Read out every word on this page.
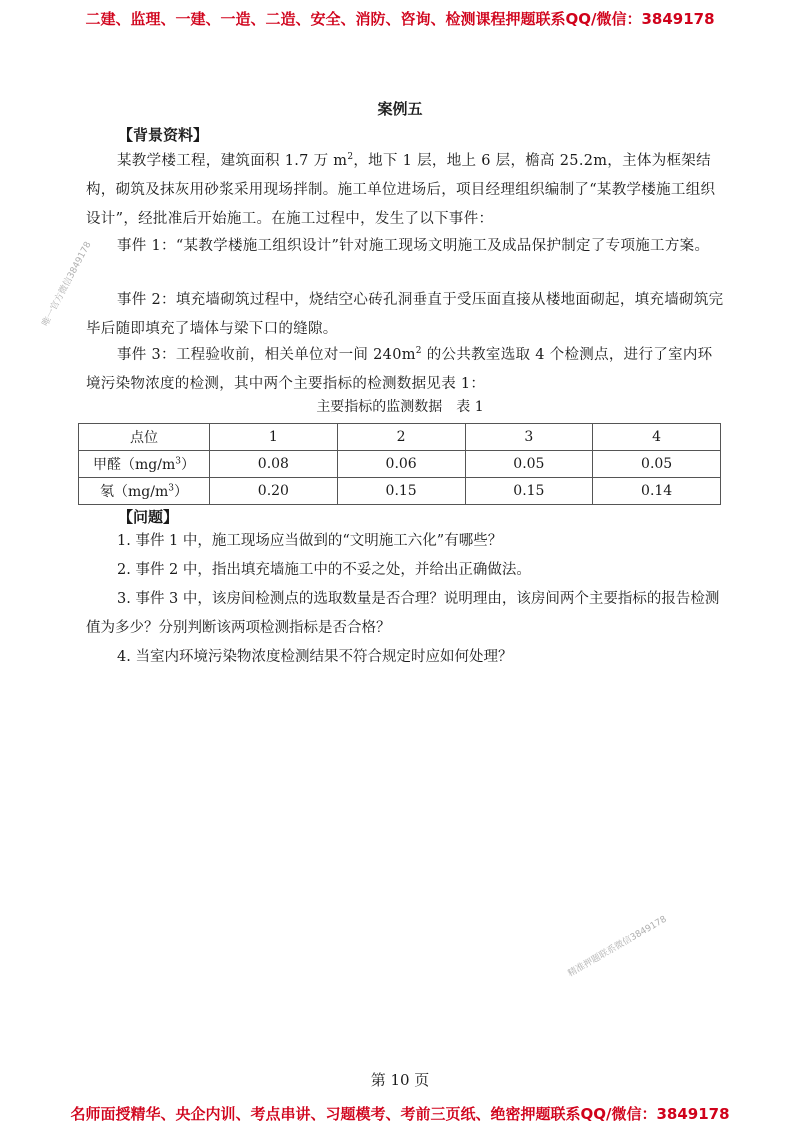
二建、监理、一建、一造、二造、安全、消防、咨询、检测课程押题联系QQ/微信：3849178
案例五
【背景资料】
某教学楼工程，建筑面积 1.7 万 $m^2$，地下 1 层，地上 6 层，檐高 25.2m，主体为框架结构，砌筑及抹灰用砂浆采用现场拌制。施工单位进场后，项目经理组织编制了“某教学楼施工组织设计”，经批准后开始施工。在施工过程中，发生了以下事件：
事件 1：“某教学楼施工组织设计”针对施工现场文明施工及成品保护制定了专项施工方案。
事件 2：填充墙砌筑过程中，烧结空心砖孔洞垂直于受压面直接从楼地面砌起，填充墙砌筑完毕后随即填充了墙体与梁下口的缝隙。
事件 3：工程验收前，相关单位对一间 $240m^2$ 的公共教室选取 4 个检测点，进行了室内环境污染物浓度的检测，其中两个主要指标的检测数据见表 1：
主要指标的监测数据　表 1
点位	1	2	3	4
甲醛$(mg/m^3)$	0.08	0.06	0.05	0.05
氡$(mg/m^3)$	0.20	0.15	0.15	0.14
【问题】
1. 事件 1 中，施工现场应当做到的“文明施工六化”有哪些？
2. 事件 2 中，指出填充墙施工中的不妥之处，并给出正确做法。
3. 事件 3 中，该房间检测点的选取数量是否合理？说明理由，该房间两个主要指标的报告检测值为多少？分别判断该两项检测指标是否合格？
4. 当室内环境污染物浓度检测结果不符合规定时应如何处理？
唯一官方微信3849178
精准押题联系微信3849178
第 10 页
名师面授精华、央企内训、考点串讲、习题模考、考前三页纸、绝密押题联系QQ/微信：3849178
